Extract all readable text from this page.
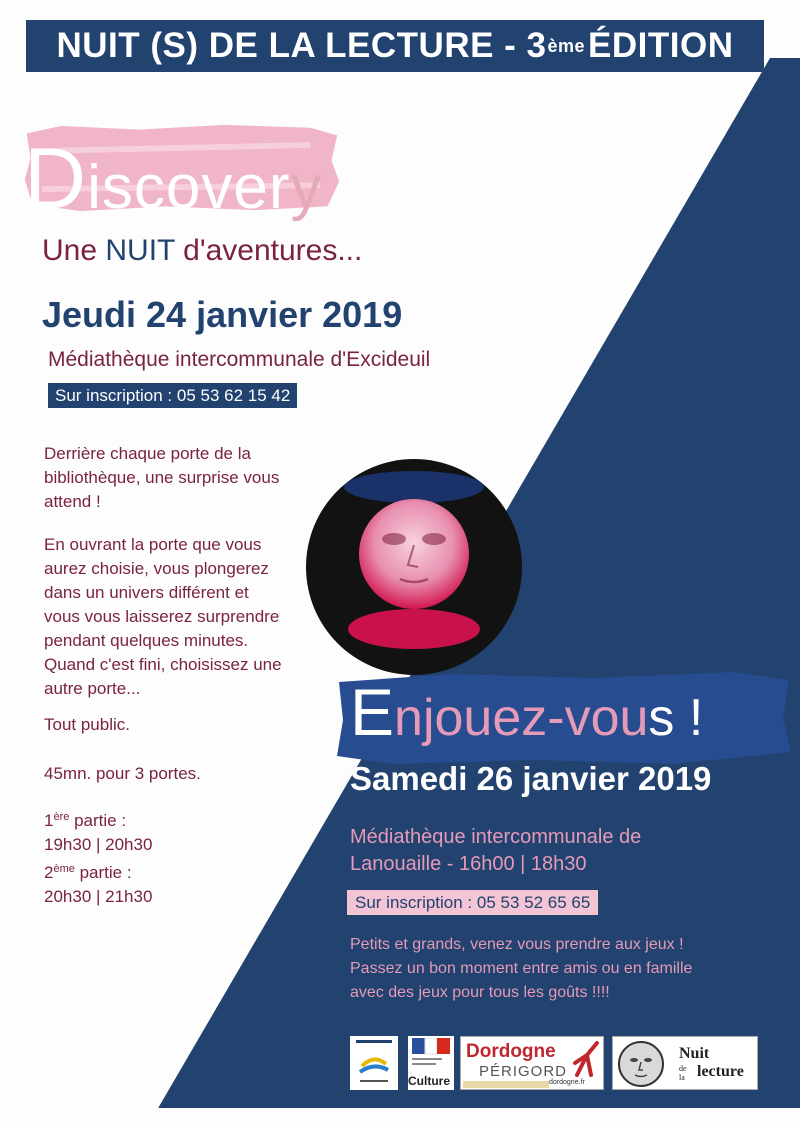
NUIT (S) DE LA LECTURE - 3 ème ÉDITION
Discovery
Une NUIT d'aventures...
Jeudi 24 janvier 2019
Médiathèque intercommunale d'Excideuil
Sur inscription : 05 53 62 15 42

Derrière chaque porte de la

bibliothèque, une surprise vous

attend !

En ouvrant la porte que vous

aurez choisie, vous plongerez

dans un univers différent et

vous vous laisserez surprendre

pendant quelques minutes.

Quand c'est fini, choisissez une

autre porte...

Tout public.

45mn. pour 3 portes.

1ère partie :

19h30 | 20h30

2ème partie :

20h30 | 21h30

Enjouez-vous !
Samedi 26 janvier 2019

Médiathèque intercommunale de

Lanouaille - 16h00 | 18h30

Sur inscription : 05 53 52 65 65

Petits et grands, venez vous prendre aux jeux !

Passez un bon moment entre amis ou en famille

avec des jeux pour tous les goûts !!!!

Culture
Dordogne
PÉRIGORD
dordogne.fr
Nuit
de
la lecture
